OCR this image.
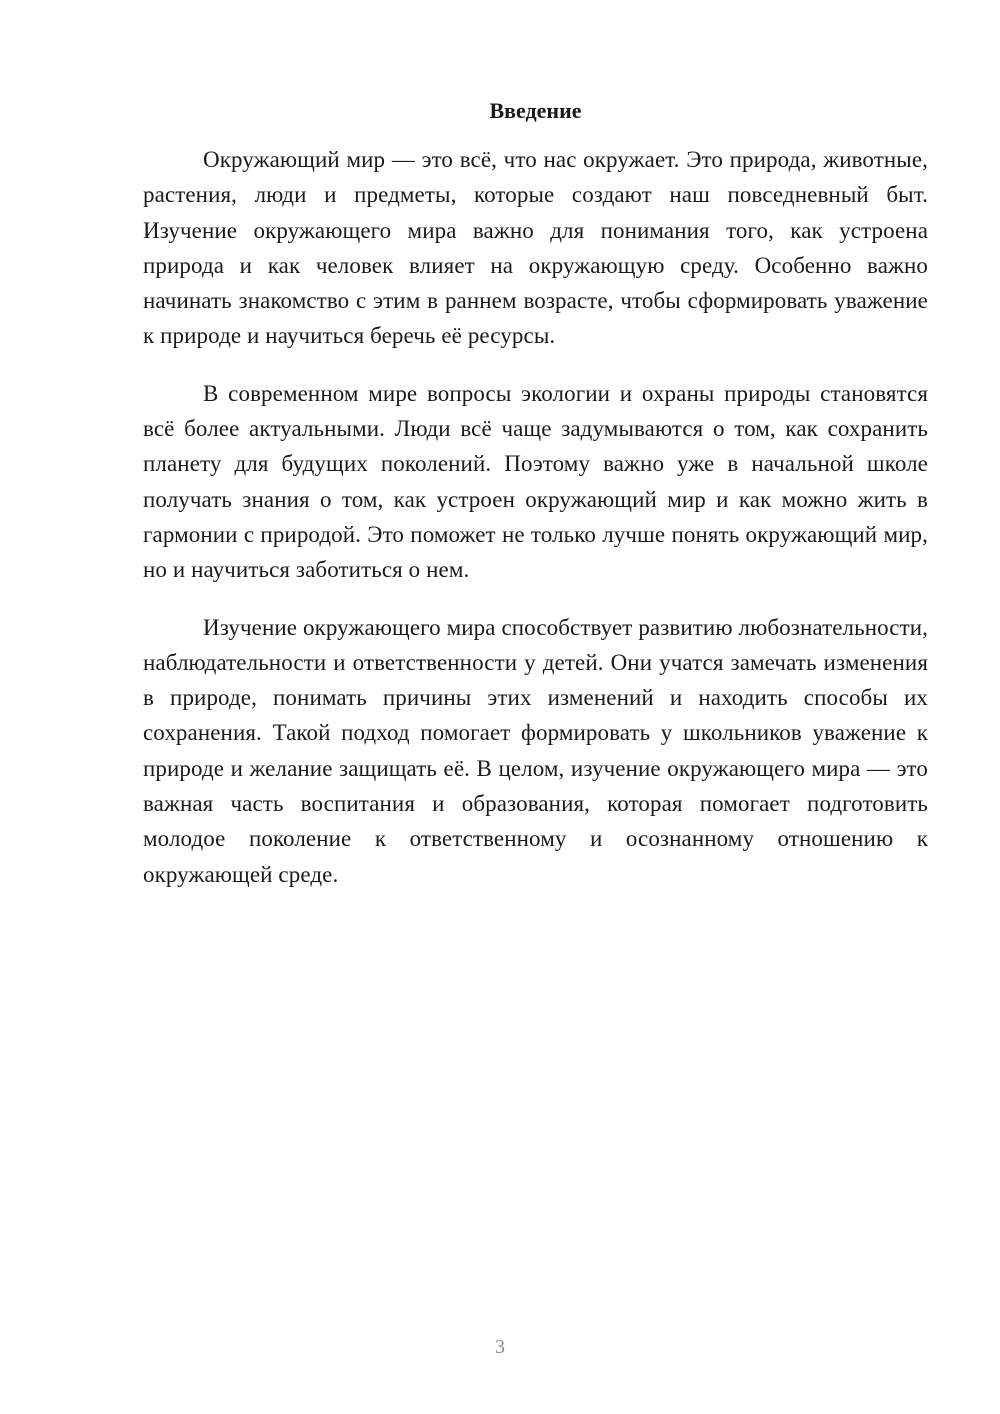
Введение

Окружающий мир — это всё, что нас окружает. Это природа, животные, растения, люди и предметы, которые создают наш повседневный быт. Изучение окружающего мира важно для понимания того, как устроена природа и как человек влияет на окружающую среду. Особенно важно начинать знакомство с этим в раннем возрасте, чтобы сформировать уважение к природе и научиться беречь её ресурсы.

В современном мире вопросы экологии и охраны природы становятся всё более актуальными. Люди всё чаще задумываются о том, как сохранить планету для будущих поколений. Поэтому важно уже в начальной школе получать знания о том, как устроен окружающий мир и как можно жить в гармонии с природой. Это поможет не только лучше понять окружающий мир, но и научиться заботиться о нем.

Изучение окружающего мира способствует развитию любознательности, наблюдательности и ответственности у детей. Они учатся замечать изменения в природе, понимать причины этих изменений и находить способы их сохранения. Такой подход помогает формировать у школьников уважение к природе и желание защищать её. В целом, изучение окружающего мира — это важная часть воспитания и образования, которая помогает подготовить молодое поколение к ответственному и осознанному отношению к окружающей среде.

3
